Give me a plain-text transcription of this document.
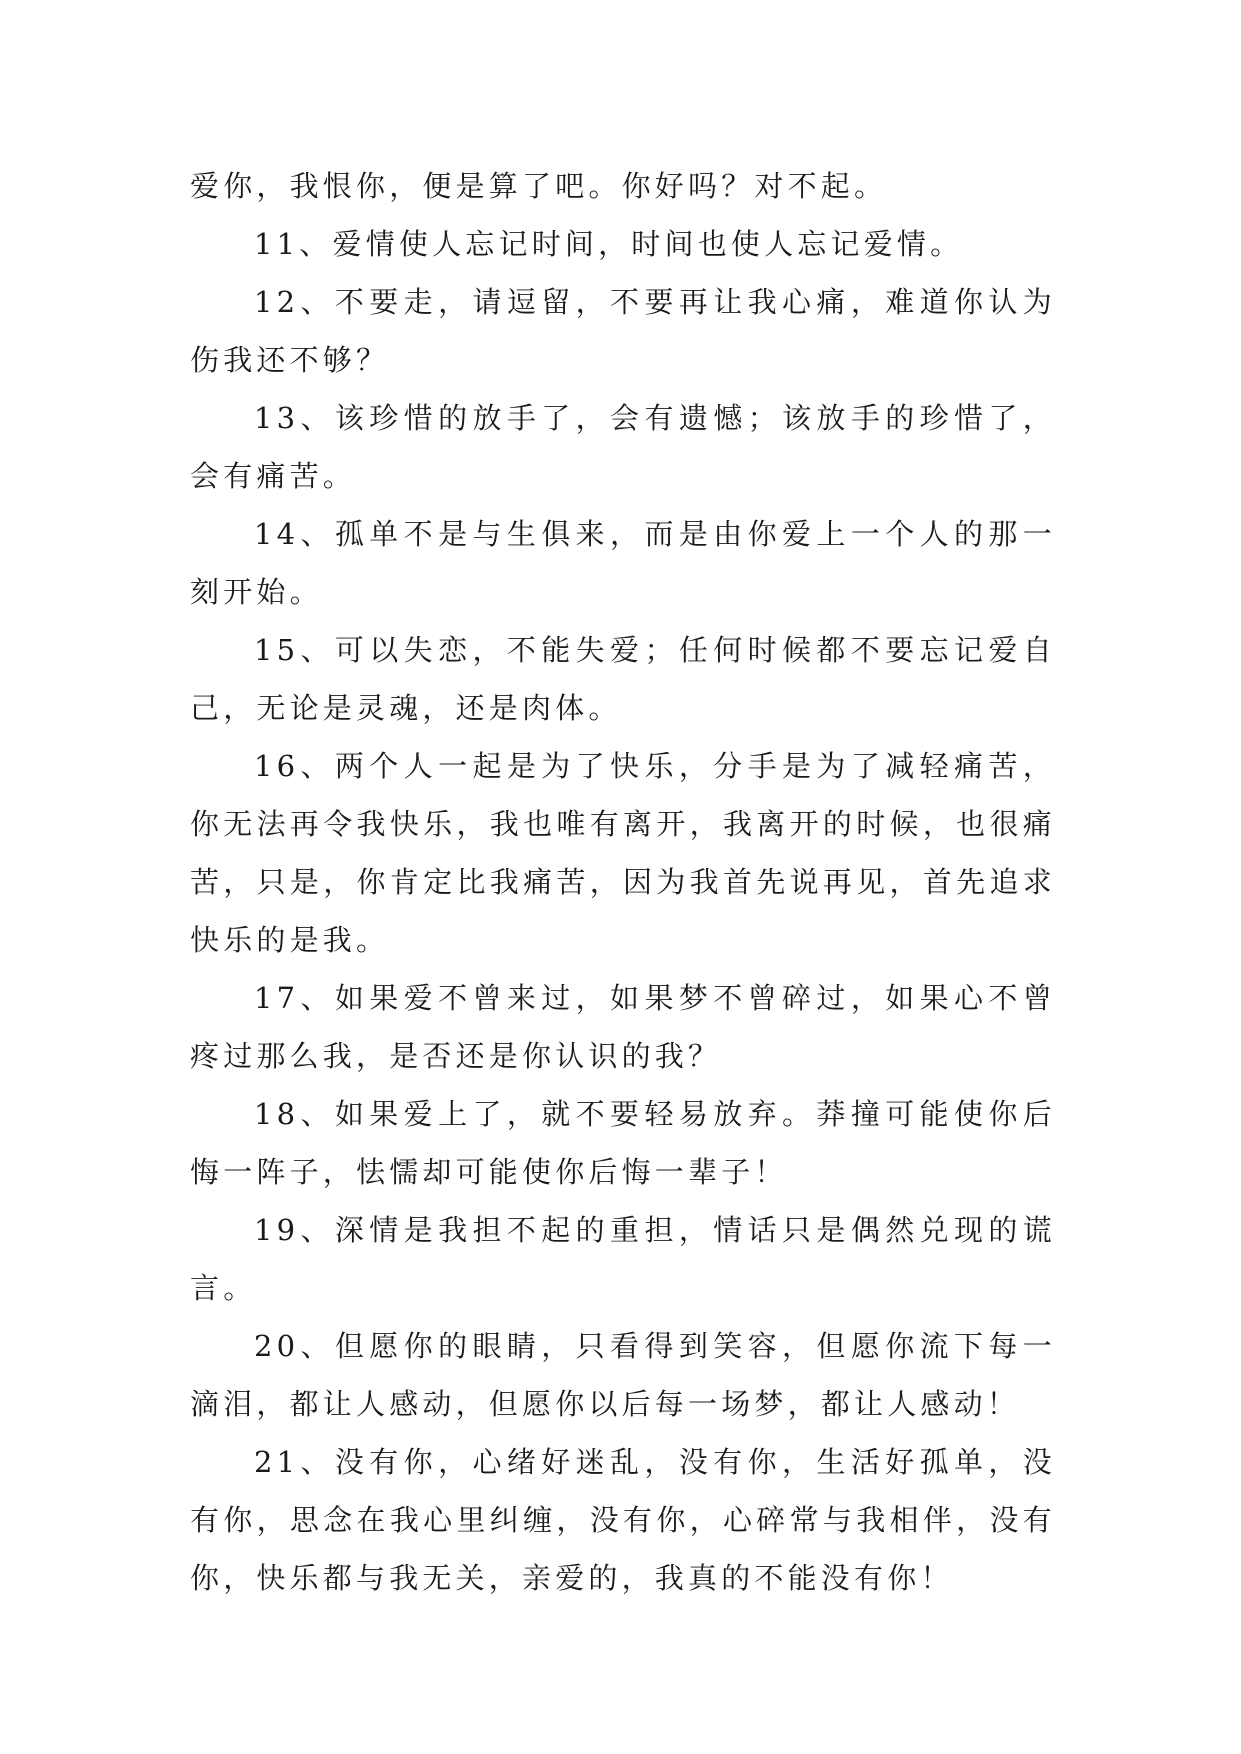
爱你，我恨你，便是算了吧。你好吗？对不起。

11、爱情使人忘记时间，时间也使人忘记爱情。

12、不要走，请逗留，不要再让我心痛，难道你认为伤我还不够？

13、该珍惜的放手了，会有遗憾；该放手的珍惜了，会有痛苦。

14、孤单不是与生俱来，而是由你爱上一个人的那一刻开始。

15、可以失恋，不能失爱；任何时候都不要忘记爱自己，无论是灵魂，还是肉体。

16、两个人一起是为了快乐，分手是为了减轻痛苦，你无法再令我快乐，我也唯有离开，我离开的时候，也很痛苦，只是，你肯定比我痛苦，因为我首先说再见，首先追求快乐的是我。

17、如果爱不曾来过，如果梦不曾碎过，如果心不曾疼过那么我，是否还是你认识的我？

18、如果爱上了，就不要轻易放弃。莽撞可能使你后悔一阵子，怯懦却可能使你后悔一辈子！

19、深情是我担不起的重担，情话只是偶然兑现的谎言。

20、但愿你的眼睛，只看得到笑容，但愿你流下每一滴泪，都让人感动，但愿你以后每一场梦，都让人感动！

21、没有你，心绪好迷乱，没有你，生活好孤单，没有你，思念在我心里纠缠，没有你，心碎常与我相伴，没有你，快乐都与我无关，亲爱的，我真的不能没有你！
